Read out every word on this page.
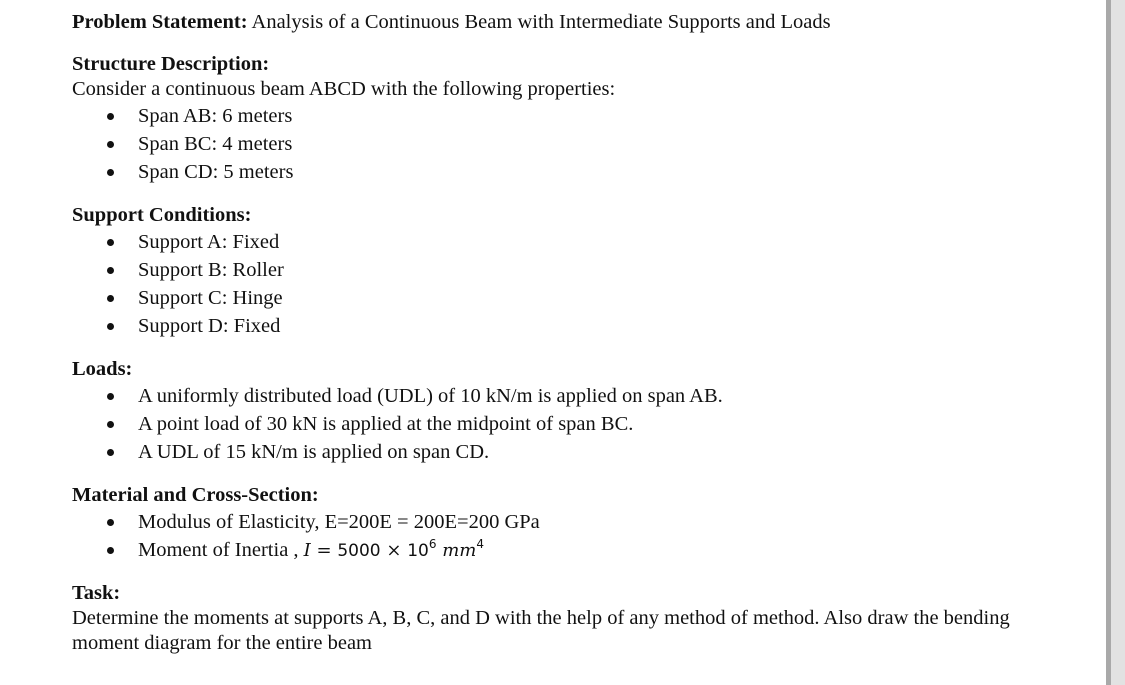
Problem Statement: Analysis of a Continuous Beam with Intermediate Supports and Loads

Structure Description:

Consider a continuous beam ABCD with the following properties:

Span AB: 6 meters
Span BC: 4 meters
Span CD: 5 meters

Support Conditions:

Support A: Fixed
Support B: Roller
Support C: Hinge
Support D: Fixed

Loads:

A uniformly distributed load (UDL) of 10 kN/m is applied on span AB.
A point load of 30 kN is applied at the midpoint of span BC.
A UDL of 15 kN/m is applied on span CD.

Material and Cross-Section:

Modulus of Elasticity, E=200E = 200E=200 GPa
Moment of Inertia , $I = 5000 \times 10^6$ $mm^4$

Task:

Determine the moments at supports A, B, C, and D with the help of any method of method. Also draw the bending moment diagram for the entire beam
